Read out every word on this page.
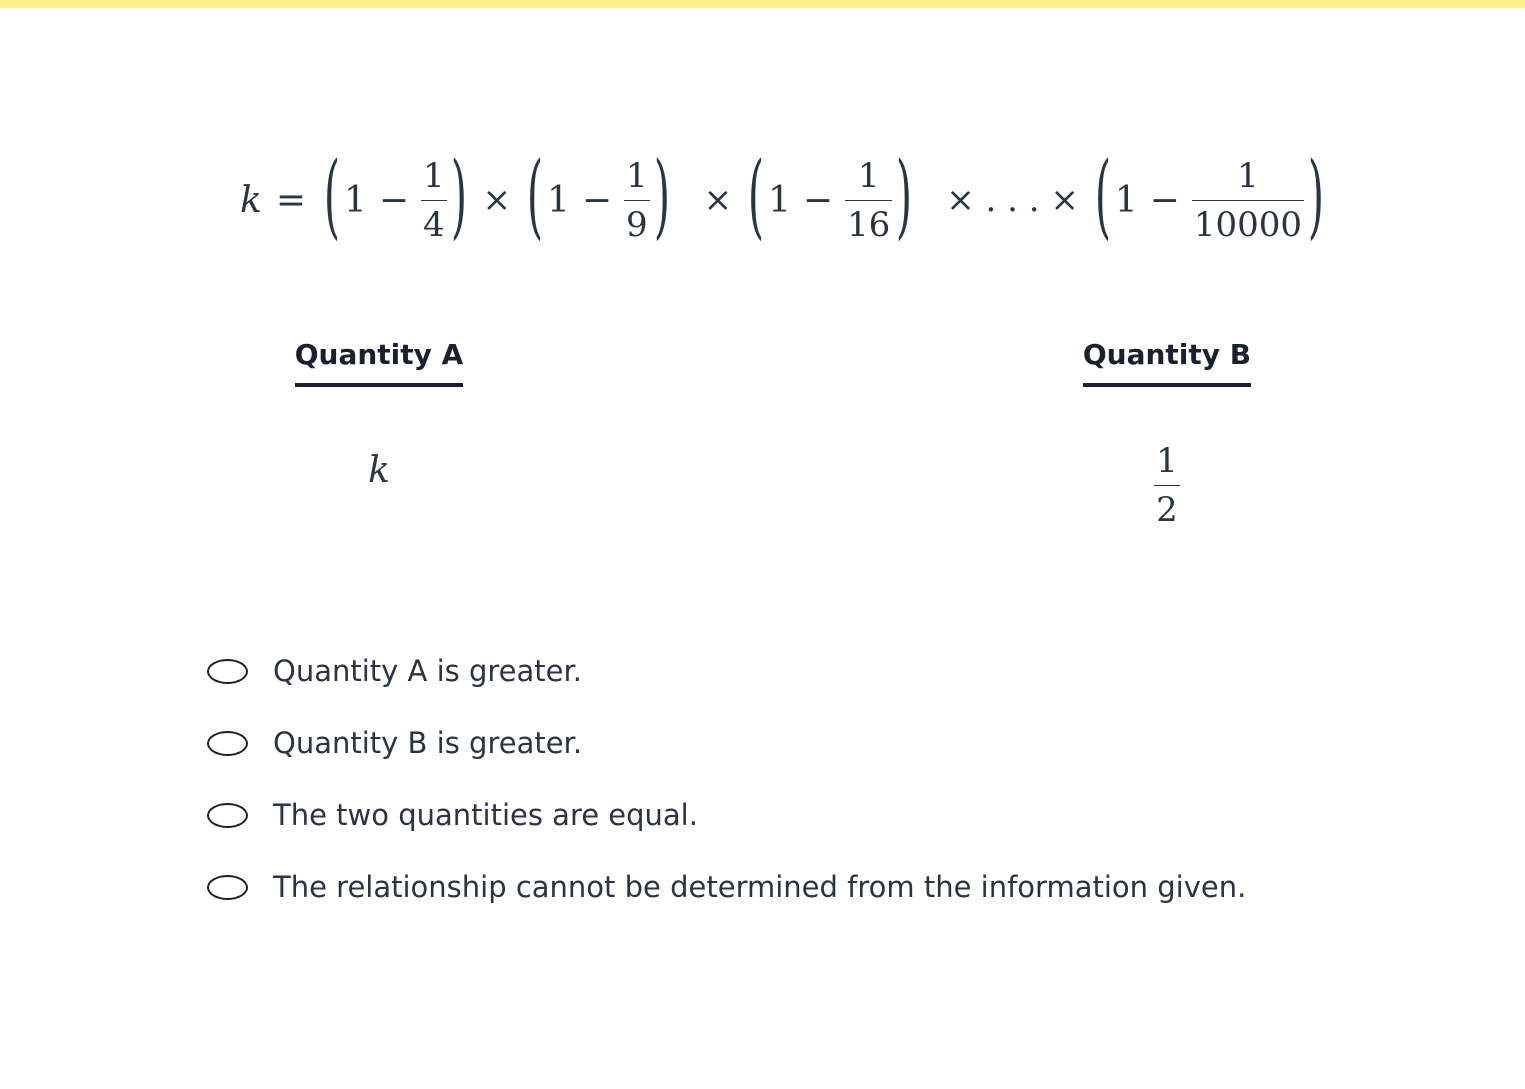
k = ( $1 - \frac{1}{4}$ ) × ( $1 - \frac{1}{9}$ ) × ( $1 - \frac{1}{16}$ ) × . . . × ( $1 - \frac{1}{10000}$ )
Quantity A
k
Quantity B
$\frac{1}{2}$
Quantity A is greater.
Quantity B is greater.
The two quantities are equal.
The relationship cannot be determined from the information given.
